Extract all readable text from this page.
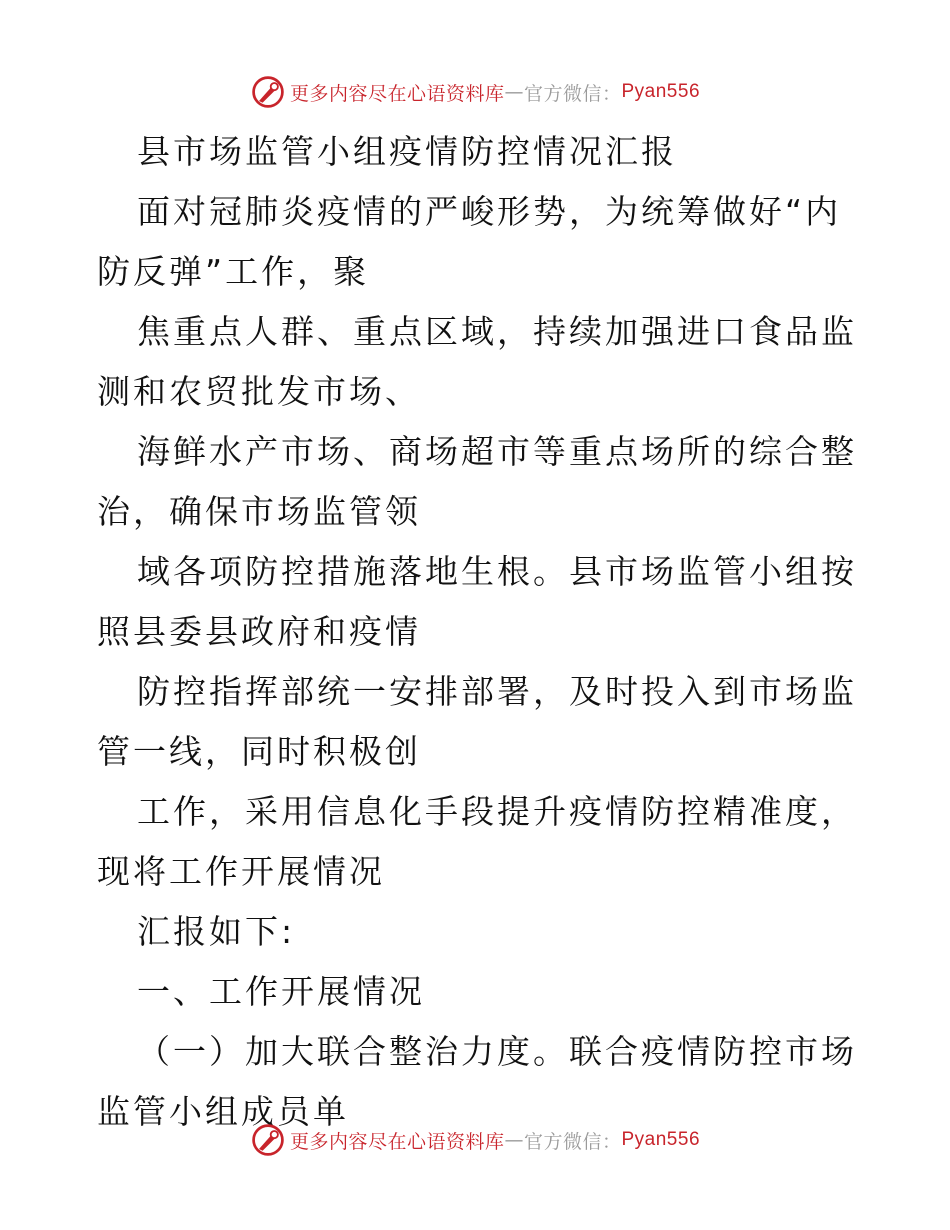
更多内容尽在心语资料库 — 官方微信： Pyan556

县市场监管小组疫情防控情况汇报

面对冠肺炎疫情的严峻形势，为统筹做好“内防反弹”工作，聚

焦重点人群、重点区域，持续加强进口食品监测和农贸批发市场、

海鲜水产市场、商场超市等重点场所的综合整治，确保市场监管领

域各项防控措施落地生根。县市场监管小组按照县委县政府和疫情

防控指挥部统一安排部署，及时投入到市场监管一线，同时积极创

工作，采用信息化手段提升疫情防控精准度，现将工作开展情况

汇报如下:

一、工作开展情况

（一）加大联合整治力度。联合疫情防控市场监管小组成员单

更多内容尽在心语资料库 — 官方微信： Pyan556
